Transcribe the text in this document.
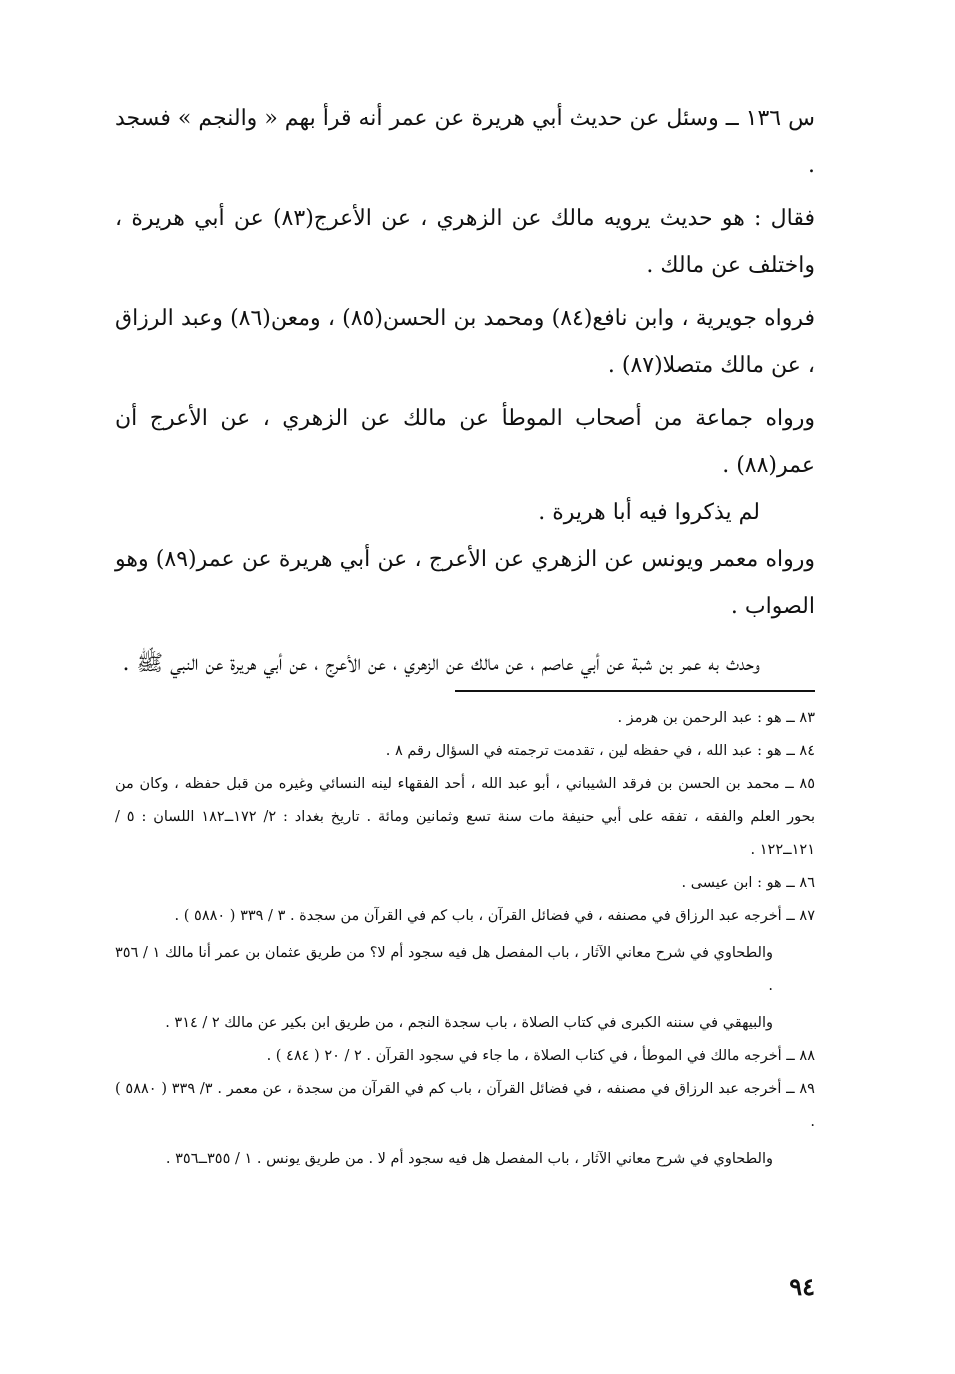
س ١٣٦ ــ وسئل عن حديث أبي هريرة عن عمر أنه قرأ بهم « والنجم » فسجد .

فقال : هو حديث يرويه مالك عن الزهري ، عن الأعرج(٨٣) عن أبي هريرة ، واختلف عن مالك .

فرواه جويرية ، وابن نافع(٨٤) ومحمد بن الحسن(٨٥) ، ومعن(٨٦) وعبد الرزاق ، عن مالك متصلا(٨٧) .

ورواه جماعة من أصحاب الموطأ عن مالك عن الزهري ، عن الأعرج أن عمر(٨٨) .

لم يذكروا فيه أبا هريرة .

ورواه معمر ويونس عن الزهري عن الأعرج ، عن أبي هريرة عن عمر(٨٩) وهو الصواب .

وحدث به عمر بن شبة عن أبي عاصم ، عن مالك عن الزهري ، عن الأعرج ، عن أبي هريرة عن النبي ﷺ .

٨٣ ــ هو : عبد الرحمن بن هرمز .

٨٤ ــ هو : عبد الله ، في حفظه لين ، تقدمت ترجمته في السؤال رقم ٨ .

٨٥ ــ محمد بن الحسن بن فرقد الشيباني ، أبو عبد الله ، أحد الفقهاء لينه النسائي وغيره من قبل حفظه ، وكان من بحور العلم والفقه ، تفقه على أبي حنيفة مات سنة تسع وثمانين ومائة . تاريخ بغداد : ٢/ ١٧٢ــ١٨٢ اللسان : ٥ / ١٢١ــ١٢٢ .

٨٦ ــ هو : ابن عيسى .

٨٧ ــ أخرجه عبد الرزاق في مصنفه ، في فضائل القرآن ، باب كم في القرآن من سجدة . ٣ / ٣٣٩ ( ٥٨٨٠ ) .

والطحاوي في شرح معاني الآثار ، باب المفصل هل فيه سجود أم لا؟ من طريق عثمان بن عمر أنا مالك ١ / ٣٥٦ .

والبيهقي في سننه الكبرى في كتاب الصلاة ، باب سجدة النجم ، من طريق ابن بكير عن مالك ٢ / ٣١٤ .

٨٨ ــ أخرجه مالك في الموطأ ، في كتاب الصلاة ، ما جاء في سجود القرآن . ٢ / ٢٠ ( ٤٨٤ ) .

٨٩ ــ أخرجه عبد الرزاق في مصنفه ، في فضائل القرآن ، باب كم في القرآن من سجدة ، عن معمر . ٣/ ٣٣٩ ( ٥٨٨٠ ) .

والطحاوي في شرح معاني الآثار ، باب المفصل هل فيه سجود أم لا . من طريق يونس . ١ / ٣٥٥ــ٣٥٦ .

٩٤
